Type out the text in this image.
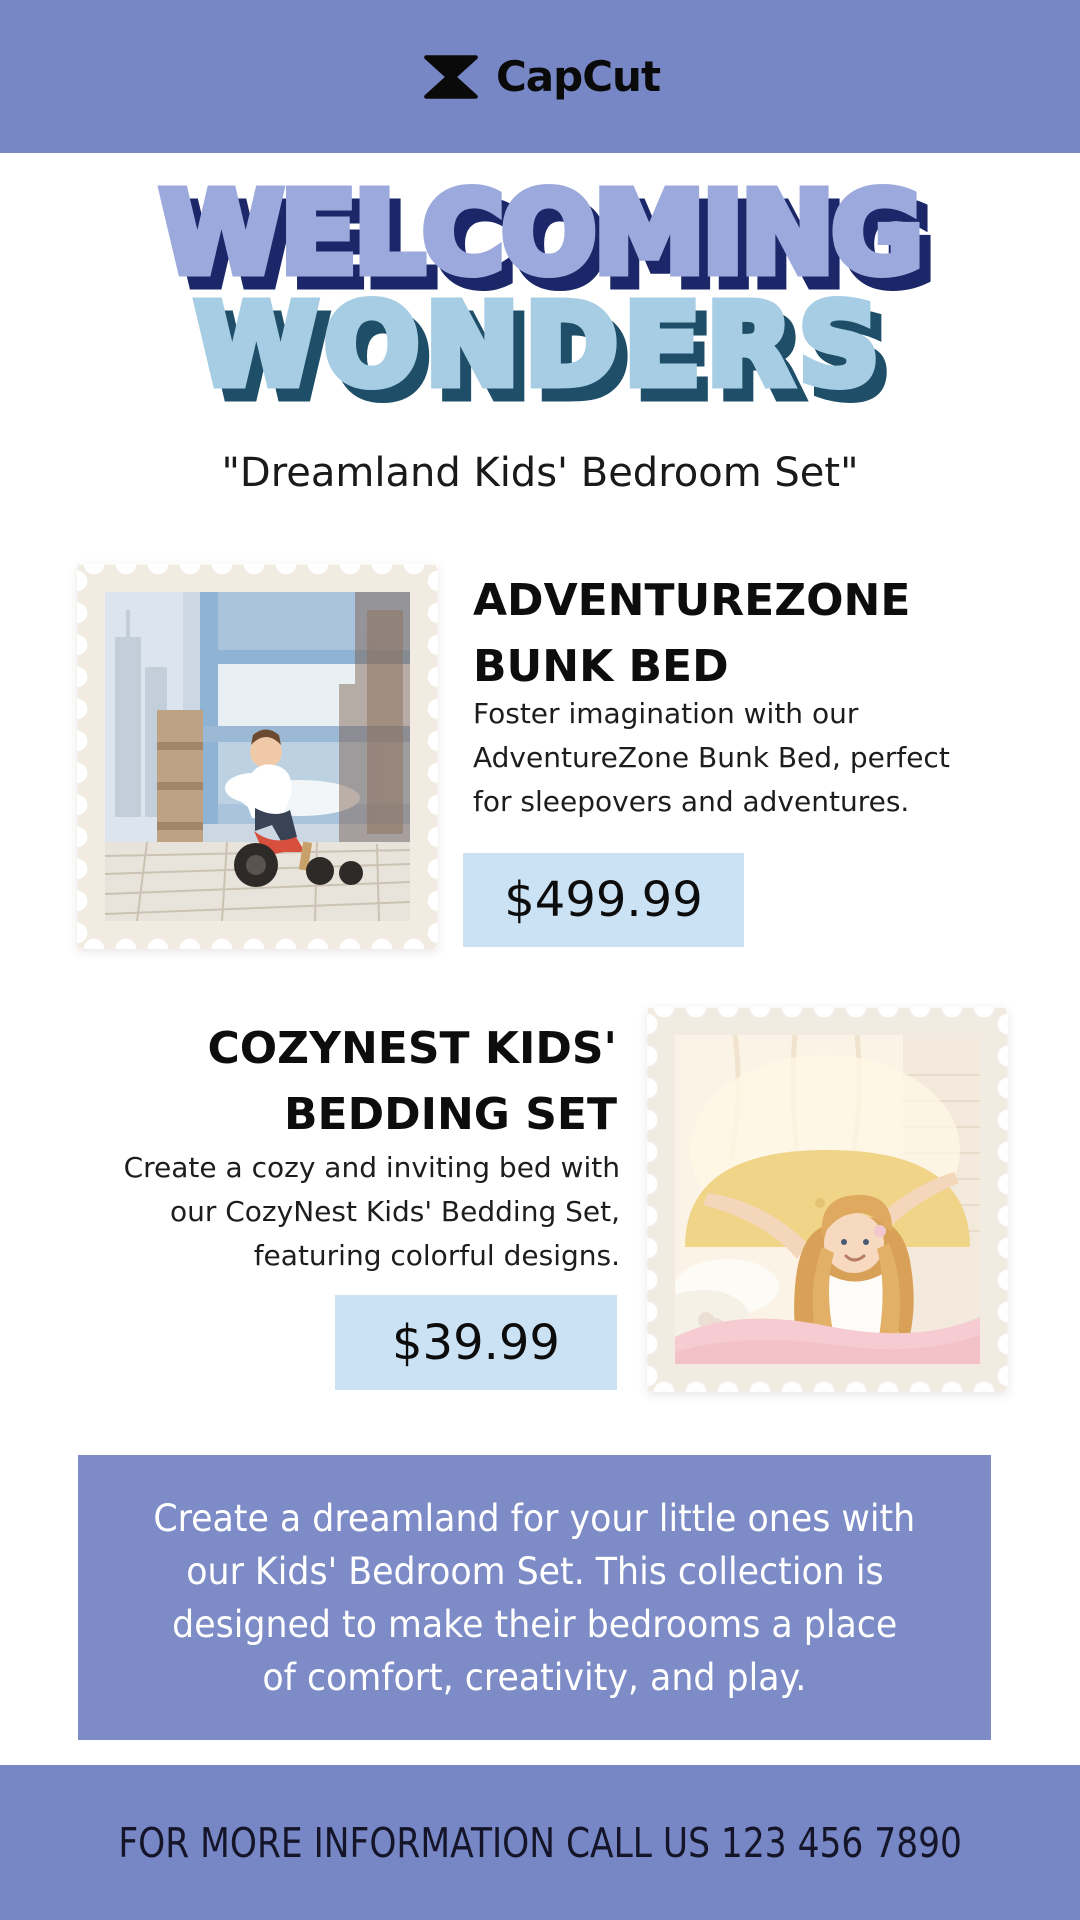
CapCut
WELCOMING WELCOMING
WONDERS WONDERS

"Dreamland Kids' Bedroom Set"

ADVENTUREZONE
BUNK BED
Foster imagination with our
AdventureZone Bunk Bed, perfect
for sleepovers and adventures.
$499.99
COZYNEST KIDS'
BEDDING SET
Create a cozy and inviting bed with
our CozyNest Kids' Bedding Set,
featuring colorful designs.
$39.99
Create a dreamland for your little ones with
our Kids' Bedroom Set. This collection is
designed to make their bedrooms a place
of comfort, creativity, and play.
FOR MORE INFORMATION CALL US 123 456 7890
